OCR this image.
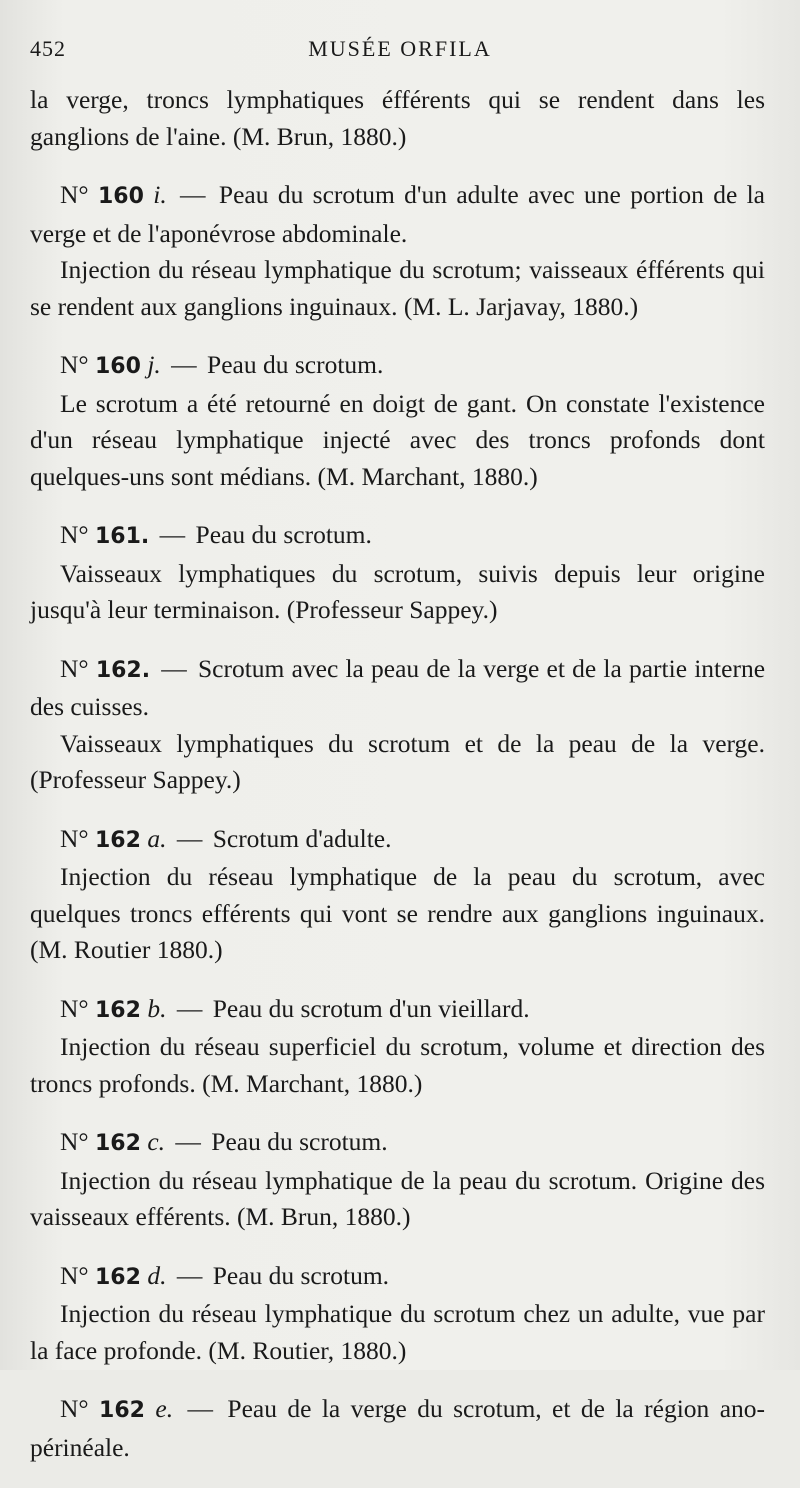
452	MUSÉE ORFILA

la verge, troncs lymphatiques éfférents qui se rendent dans les ganglions de l'aine. (M. Brun, 1880.)

N° 160 i. — Peau du scrotum d'un adulte avec une portion de la verge et de l'aponévrose abdominale.

Injection du réseau lymphatique du scrotum; vaisseaux éfférents qui se rendent aux ganglions inguinaux. (M. L. Jarjavay, 1880.)

N° 160 j. — Peau du scrotum.

Le scrotum a été retourné en doigt de gant. On constate l'existence d'un réseau lymphatique injecté avec des troncs profonds dont quelques-uns sont médians. (M. Marchant, 1880.)

N° 161. — Peau du scrotum.

Vaisseaux lymphatiques du scrotum, suivis depuis leur origine jusqu'à leur terminaison. (Professeur Sappey.)

N° 162. — Scrotum avec la peau de la verge et de la partie interne des cuisses.

Vaisseaux lymphatiques du scrotum et de la peau de la verge. (Professeur Sappey.)

N° 162 a. — Scrotum d'adulte.

Injection du réseau lymphatique de la peau du scrotum, avec quelques troncs efférents qui vont se rendre aux ganglions inguinaux. (M. Routier 1880.)

N° 162 b. — Peau du scrotum d'un vieillard.

Injection du réseau superficiel du scrotum, volume et direction des troncs profonds. (M. Marchant, 1880.)

N° 162 c. — Peau du scrotum.

Injection du réseau lymphatique de la peau du scrotum. Origine des vaisseaux efférents. (M. Brun, 1880.)

N° 162 d. — Peau du scrotum.

Injection du réseau lymphatique du scrotum chez un adulte, vue par la face profonde. (M. Routier, 1880.)

N° 162 e. — Peau de la verge du scrotum, et de la région ano-périnéale.
